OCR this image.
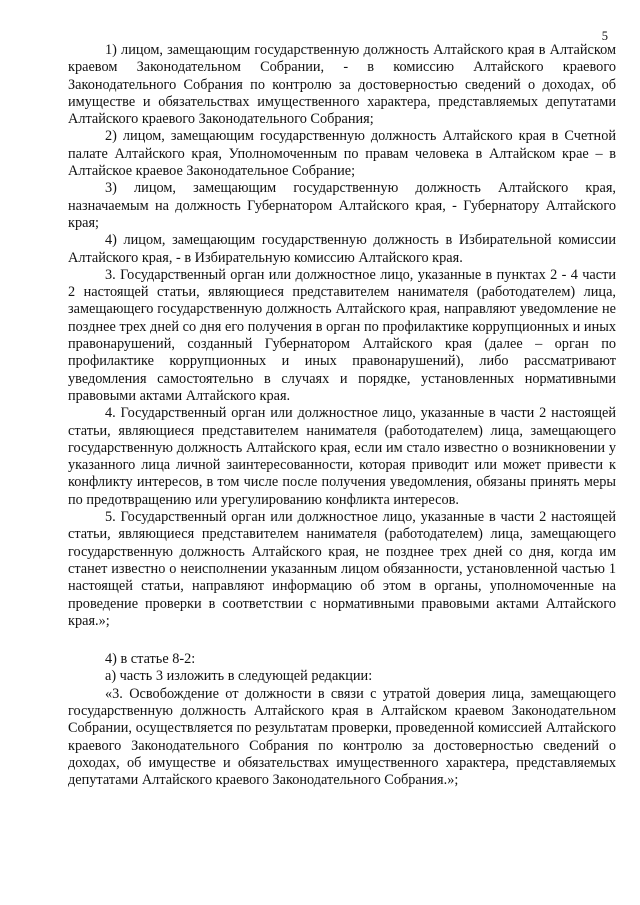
5

1) лицом, замещающим государственную должность Алтайского края в Алтайском краевом Законодательном Собрании, - в комиссию Алтайского краевого Законодательного Собрания по контролю за достоверностью сведений о доходах, об имуществе и обязательствах имущественного характера, представляемых депутатами Алтайского краевого Законодательного Собрания;

2) лицом, замещающим государственную должность Алтайского края в Счетной палате Алтайского края, Уполномоченным по правам человека в Алтайском крае – в Алтайское краевое Законодательное Собрание;

3) лицом, замещающим государственную должность Алтайского края, назначаемым на должность Губернатором Алтайского края, - Губернатору Алтайского края;

4) лицом, замещающим государственную должность в Избирательной комиссии Алтайского края, - в Избирательную комиссию Алтайского края.

3. Государственный орган или должностное лицо, указанные в пунктах 2 - 4 части 2 настоящей статьи, являющиеся представителем нанимателя (работодателем) лица, замещающего государственную должность Алтайского края, направляют уведомление не позднее трех дней со дня его получения в орган по профилактике коррупционных и иных правонарушений, созданный Губернатором Алтайского края (далее – орган по профилактике коррупционных и иных правонарушений), либо рассматривают уведомления самостоятельно в случаях и порядке, установленных нормативными правовыми актами Алтайского края.

4. Государственный орган или должностное лицо, указанные в части 2 настоящей статьи, являющиеся представителем нанимателя (работодателем) лица, замещающего государственную должность Алтайского края, если им стало известно о возникновении у указанного лица личной заинтересованности, которая приводит или может привести к конфликту интересов, в том числе после получения уведомления, обязаны принять меры по предотвращению или урегулированию конфликта интересов.

5. Государственный орган или должностное лицо, указанные в части 2 настоящей статьи, являющиеся представителем нанимателя (работодателем) лица, замещающего государственную должность Алтайского края, не позднее трех дней со дня, когда им станет известно о неисполнении указанным лицом обязанности, установленной частью 1 настоящей статьи, направляют информацию об этом в органы, уполномоченные на проведение проверки в соответствии с нормативными правовыми актами Алтайского края.»;

4) в статье 8-2:

а) часть 3 изложить в следующей редакции:

«3. Освобождение от должности в связи с утратой доверия лица, замещающего государственную должность Алтайского края в Алтайском краевом Законодательном Собрании, осуществляется по результатам проверки, проведенной комиссией Алтайского краевого Законодательного Собрания по контролю за достоверностью сведений о доходах, об имуществе и обязательствах имущественного характера, представляемых депутатами Алтайского краевого Законодательного Собрания.»;
